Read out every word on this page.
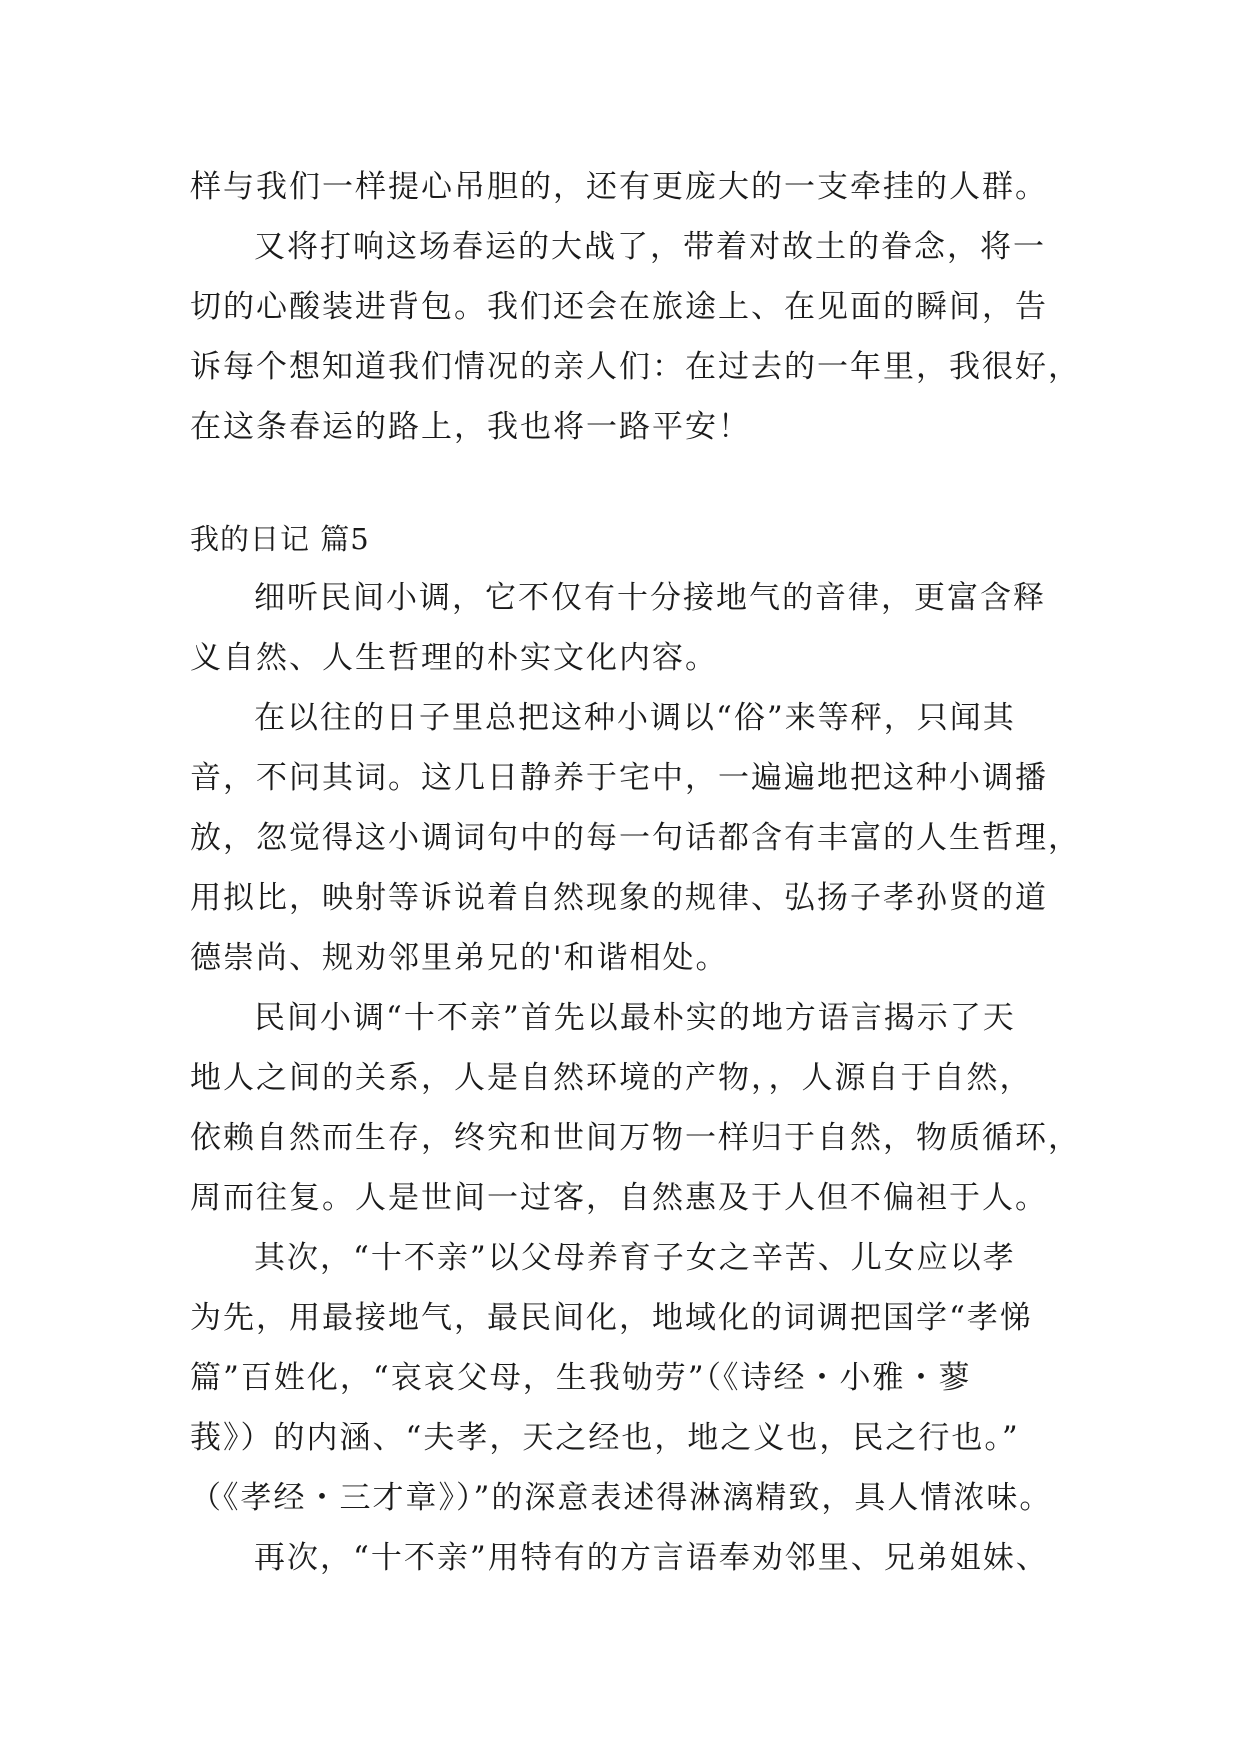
样与我们一样提心吊胆的，还有更庞大的一支牵挂的人群。
又将打响这场春运的大战了，带着对故土的眷念，将一
切的心酸装进背包。我们还会在旅途上、在见面的瞬间，告
诉每个想知道我们情况的亲人们：在过去的一年里，我很好，
在这条春运的路上，我也将一路平安！
我的日记 篇5
细听民间小调，它不仅有十分接地气的音律，更富含释
义自然、人生哲理的朴实文化内容。
在以往的日子里总把这种小调以“俗”来等秤，只闻其
音，不问其词。这几日静养于宅中，一遍遍地把这种小调播
放，忽觉得这小调词句中的每一句话都含有丰富的人生哲理，
用拟比，映射等诉说着自然现象的规律、弘扬子孝孙贤的道
德崇尚、规劝邻里弟兄的'和谐相处。
民间小调“十不亲”首先以最朴实的地方语言揭示了天
地人之间的关系，人是自然环境的产物，，人源自于自然，
依赖自然而生存，终究和世间万物一样归于自然，物质循环，
周而往复。人是世间一过客，自然惠及于人但不偏袒于人。
其次，“十不亲”以父母养育子女之辛苦、儿女应以孝
为先，用最接地气，最民间化，地域化的词调把国学“孝悌
篇”百姓化，“哀哀父母，生我劬劳”（《诗经・小雅・蓼
莪》）的内涵、“夫孝，天之经也，地之义也，民之行也。”
（《孝经・三才章》）”的深意表述得淋漓精致，具人情浓味。
再次，“十不亲”用特有的方言语奉劝邻里、兄弟姐妹、
